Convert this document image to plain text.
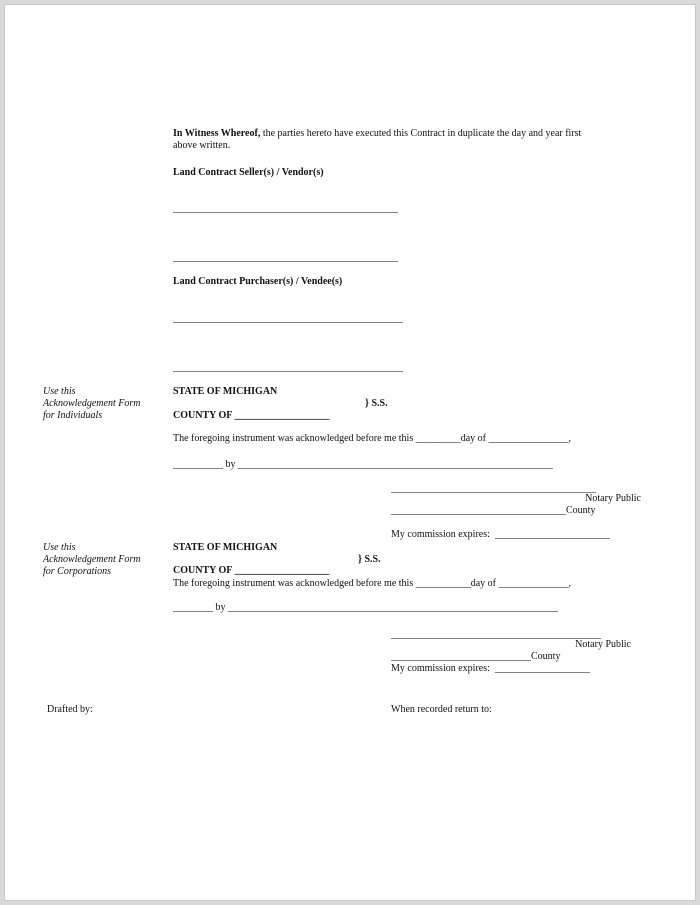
In Witness Whereof, the parties hereto have executed this Contract in duplicate the day and year first
above written.
Land Contract Seller(s) / Vendor(s)
_____________________________________________
_____________________________________________
Land Contract Purchaser(s) / Vendee(s)
______________________________________________
______________________________________________
Use this
Acknowledgement Form
for Individuals
STATE OF MICHIGAN
} S.S.
COUNTY OF ___________________
The foregoing instrument was acknowledged before me this _________day of ________________,
__________ by _______________________________________________________________
_________________________________________
Notary Public
___________________________________County
My commission expires:  _______________________
Use this
Acknowledgement Form
for Corporations
STATE OF MICHIGAN
} S.S.
COUNTY OF ___________________
The foregoing instrument was acknowledged before me this ___________day of ______________,
________ by __________________________________________________________________
__________________________________________
Notary Public
____________________________County
My commission expires:  ___________________
Drafted by:	When recorded return to:
